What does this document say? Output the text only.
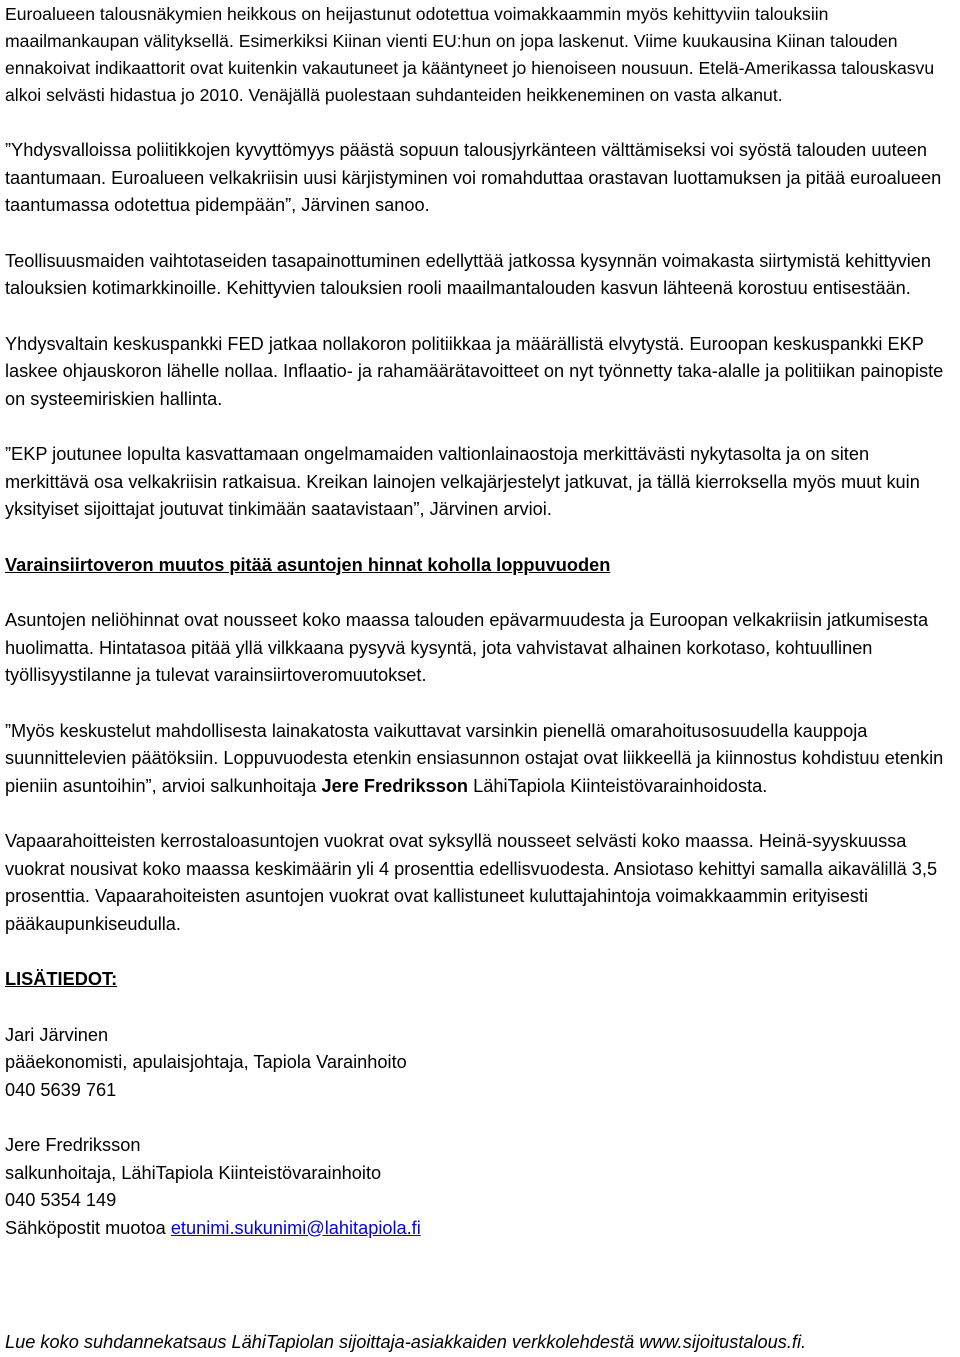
Euroalueen talousnäkymien heikkous on heijastunut odotettua voimakkaammin myös kehittyviin talouksiin maailmankaupan välityksellä. Esimerkiksi Kiinan vienti EU:hun on jopa laskenut. Viime kuukausina Kiinan talouden ennakoivat indikaattorit ovat kuitenkin vakautuneet ja kääntyneet jo hienoiseen nousuun. Etelä-Amerikassa talouskasvu alkoi selvästi hidastua jo 2010. Venäjällä puolestaan suhdanteiden heikkeneminen on vasta alkanut.

”Yhdysvalloissa poliitikkojen kyvyttömyys päästä sopuun talousjyrkänteen välttämiseksi voi syöstä talouden uuteen taantumaan. Euroalueen velkakriisin uusi kärjistyminen voi romahduttaa orastavan luottamuksen ja pitää euroalueen taantumassa odotettua pidempään”, Järvinen sanoo.

Teollisuusmaiden vaihtotaseiden tasapainottuminen edellyttää jatkossa kysynnän voimakasta siirtymistä kehittyvien talouksien kotimarkkinoille. Kehittyvien talouksien rooli maailmantalouden kasvun lähteenä korostuu entisestään.

Yhdysvaltain keskuspankki FED jatkaa nollakoron politiikkaa ja määrällistä elvytystä. Euroopan keskuspankki EKP laskee ohjauskoron lähelle nollaa. Inflaatio- ja rahamäärätavoitteet on nyt työnnetty taka-alalle ja politiikan painopiste on systeemiriskien hallinta.

”EKP joutunee lopulta kasvattamaan ongelmamaiden valtionlainaostoja merkittävästi nykytasolta ja on siten merkittävä osa velkakriisin ratkaisua. Kreikan lainojen velkajärjestelyt jatkuvat, ja tällä kierroksella myös muut kuin yksityiset sijoittajat joutuvat tinkimään saatavistaan”, Järvinen arvioi.

Varainsiirtoveron muutos pitää asuntojen hinnat koholla loppuvuoden

Asuntojen neliöhinnat ovat nousseet koko maassa talouden epävarmuudesta ja Euroopan velkakriisin jatkumisesta huolimatta. Hintatasoa pitää yllä vilkkaana pysyvä kysyntä, jota vahvistavat alhainen korkotaso, kohtuullinen työllisyystilanne ja tulevat varainsiirtoveromuutokset.

”Myös keskustelut mahdollisesta lainakatosta vaikuttavat varsinkin pienellä omarahoitusosuudella kauppoja suunnittelevien päätöksiin. Loppuvuodesta etenkin ensiasunnon ostajat ovat liikkeellä ja kiinnostus kohdistuu etenkin pieniin asuntoihin”, arvioi salkunhoitaja Jere Fredriksson LähiTapiola Kiinteistövarainhoidosta.

Vapaarahoitteisten kerrostaloasuntojen vuokrat ovat syksyllä nousseet selvästi koko maassa. Heinä-syyskuussa vuokrat nousivat koko maassa keskimäärin yli 4 prosenttia edellisvuodesta. Ansiotaso kehittyi samalla aikavälillä 3,5 prosenttia. Vapaarahoiteisten asuntojen vuokrat ovat kallistuneet kuluttajahintoja voimakkaammin erityisesti pääkaupunkiseudulla.

LISÄTIEDOT:

Jari Järvinen

pääekonomisti, apulaisjohtaja, Tapiola Varainhoito

040 5639 761

Jere Fredriksson

salkunhoitaja, LähiTapiola Kiinteistövarainhoito

040 5354 149

Sähköpostit muotoa etunimi.sukunimi@lahitapiola.fi

Lue koko suhdannekatsaus LähiTapiolan sijoittaja-asiakkaiden verkkolehdestä www.sijoitustalous.fi.
